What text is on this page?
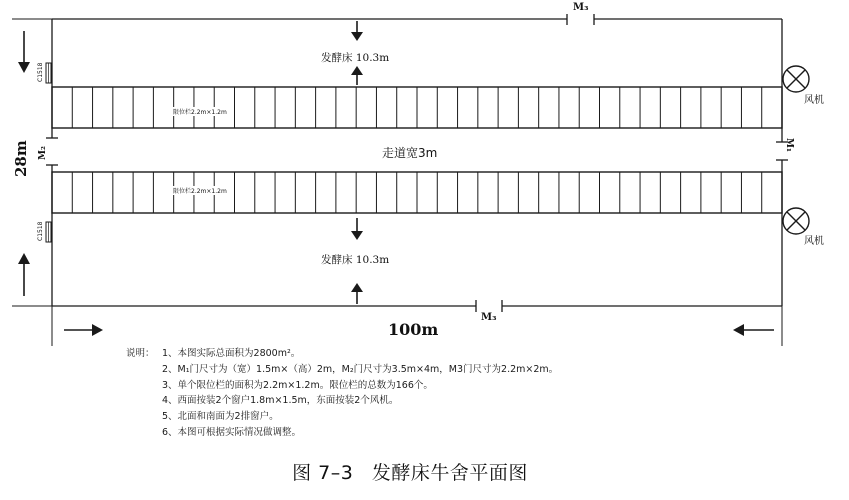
发酵床 10.3m
发酵床 10.3m
走道宽3m
限位栏2.2m×1.2m
限位栏2.2m×1.2m
风机
风机
M₃
M₃
M₁
M₂
C1518
C1518
28m
100m
说明： 1、本图实际总面积为2800m²。
2、M₁门尺寸为（宽）1.5m×（高）2m，M₂门尺寸为3.5m×4m，M3门尺寸为2.2m×2m。
3、单个限位栏的面积为2.2m×1.2m。限位栏的总数为166个。
4、西面按装2个窗户1.8m×1.5m，东面按装2个风机。
5、北面和南面为2排窗户。
6、本图可根据实际情况做调整。
图 7–3 发酵床牛舍平面图
